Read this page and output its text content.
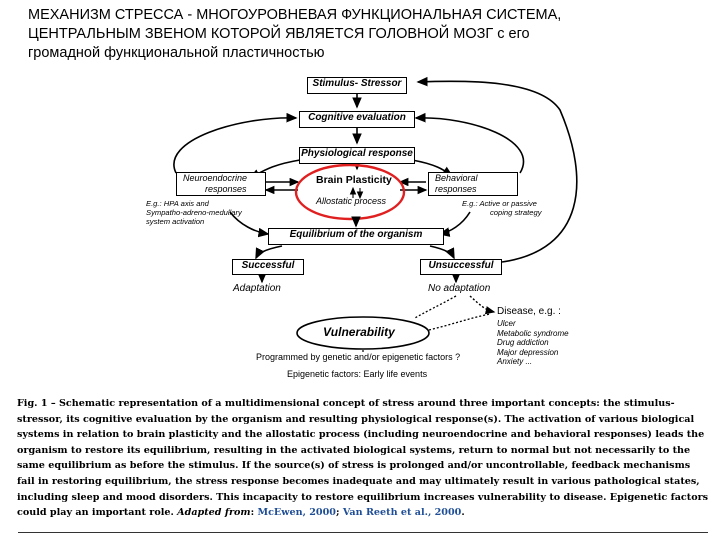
МЕХАНИЗМ СТРЕССА - МНОГОУРОВНЕВАЯ ФУНКЦИОНАЛЬНАЯ СИСТЕМА,
ЦЕНТРАЛЬНЫМ ЗВЕНОМ КОТОРОЙ ЯВЛЯЕТСЯ ГОЛОВНОЙ МОЗГ с его
громадной функциональной пластичностью
Stimulus- Stressor
Cognitive evaluation
Physiological response
Neuroendocrine
responses
Behavioral
responses
Brain Plasticity
Allostatic process
E.g.: HPA axis and
Sympatho-adreno-medullary
system activation
E.g.: Active or passive
coping strategy
Equilibrium of the organism
Successful	Unsuccessful
Adaptation	No adaptation
Disease, e.g. :
Ulcer
Metabolic syndrome
Drug addiction
Major depression
Anxiety ...
Vulnerability
Programmed by genetic and/or epigenetic factors ?
Epigenetic factors: Early life events
Fig. 1 – Schematic representation of a multidimensional concept of stress around three important concepts: the stimulus-stressor, its cognitive evaluation by the organism and resulting physiological response(s). The activation of various biological systems in relation to brain plasticity and the allostatic process (including neuroendocrine and behavioral responses) leads the organism to restore its equilibrium, resulting in the activated biological systems, return to normal but not necessarily to the same equilibrium as before the stimulus. If the source(s) of stress is prolonged and/or uncontrollable, feedback mechanisms fail in restoring equilibrium, the stress response becomes inadequate and may ultimately result in various pathological states, including sleep and mood disorders. This incapacity to restore equilibrium increases vulnerability to disease. Epigenetic factors could play an important role. Adapted from: McEwen, 2000; Van Reeth et al., 2000.
